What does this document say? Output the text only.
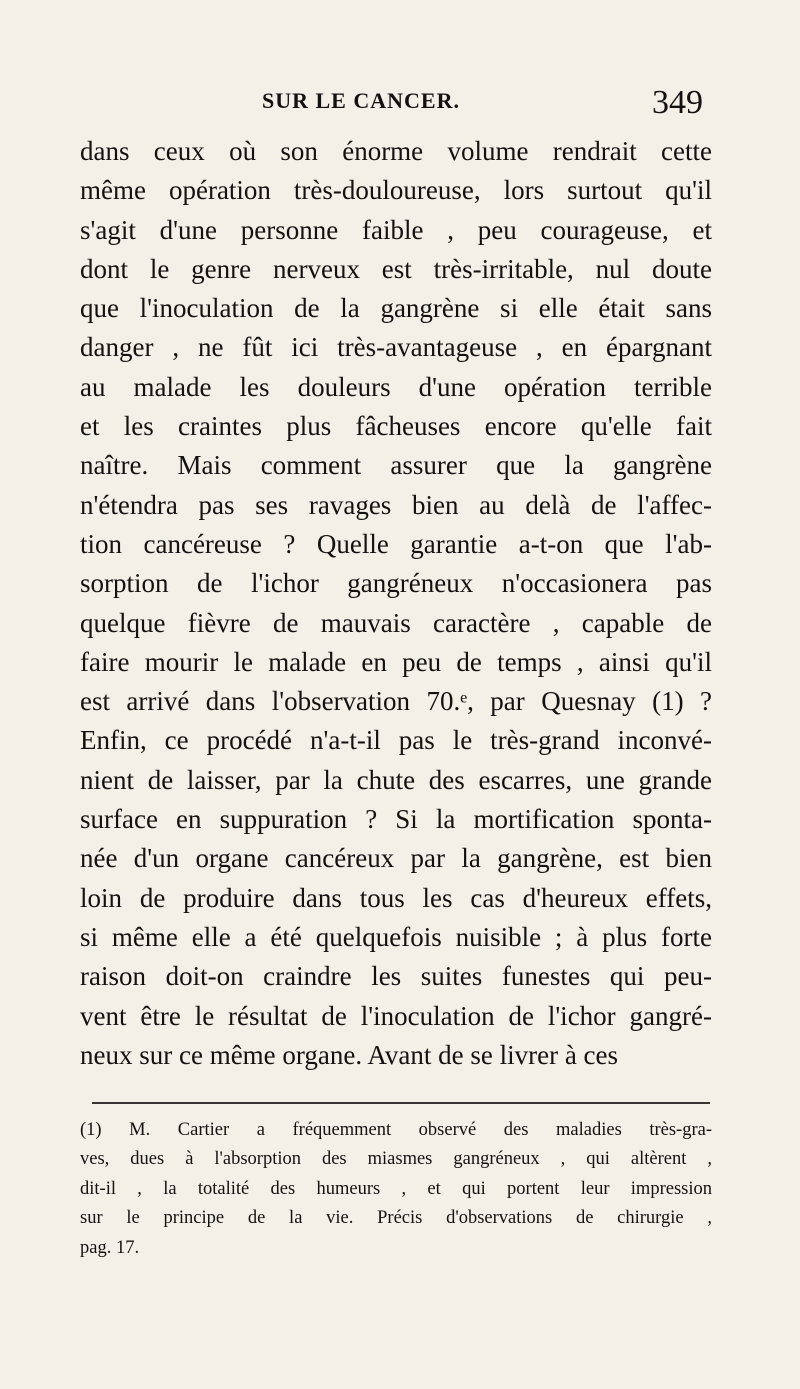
SUR LE CANCER.	349
dans ceux où son énorme volume rendrait cette
même opération très-douloureuse, lors surtout qu'il
s'agit d'une personne faible , peu courageuse, et
dont le genre nerveux est très-irritable, nul doute
que l'inoculation de la gangrène si elle était sans
danger , ne fût ici très-avantageuse , en épargnant
au malade les douleurs d'une opération terrible
et les craintes plus fâcheuses encore qu'elle fait
naître. Mais comment assurer que la gangrène
n'étendra pas ses ravages bien au delà de l'affec-
tion cancéreuse ? Quelle garantie a-t-on que l'ab-
sorption de l'ichor gangréneux n'occasionera pas
quelque fièvre de mauvais caractère , capable de
faire mourir le malade en peu de temps , ainsi qu'il
est arrivé dans l'observation 70.ᵉ, par Quesnay (1) ?
Enfin, ce procédé n'a-t-il pas le très-grand inconvé-
nient de laisser, par la chute des escarres, une grande
surface en suppuration ? Si la mortification sponta-
née d'un organe cancéreux par la gangrène, est bien
loin de produire dans tous les cas d'heureux effets,
si même elle a été quelquefois nuisible ; à plus forte
raison doit-on craindre les suites funestes qui peu-
vent être le résultat de l'inoculation de l'ichor gangré-
neux sur ce même organe. Avant de se livrer à ces
(1) M. Cartier a fréquemment observé des maladies très-gra-
ves, dues à l'absorption des miasmes gangréneux , qui altèrent ,
dit-il , la totalité des humeurs , et qui portent leur impression
sur le principe de la vie. Précis d'observations de chirurgie ,
pag. 17.
